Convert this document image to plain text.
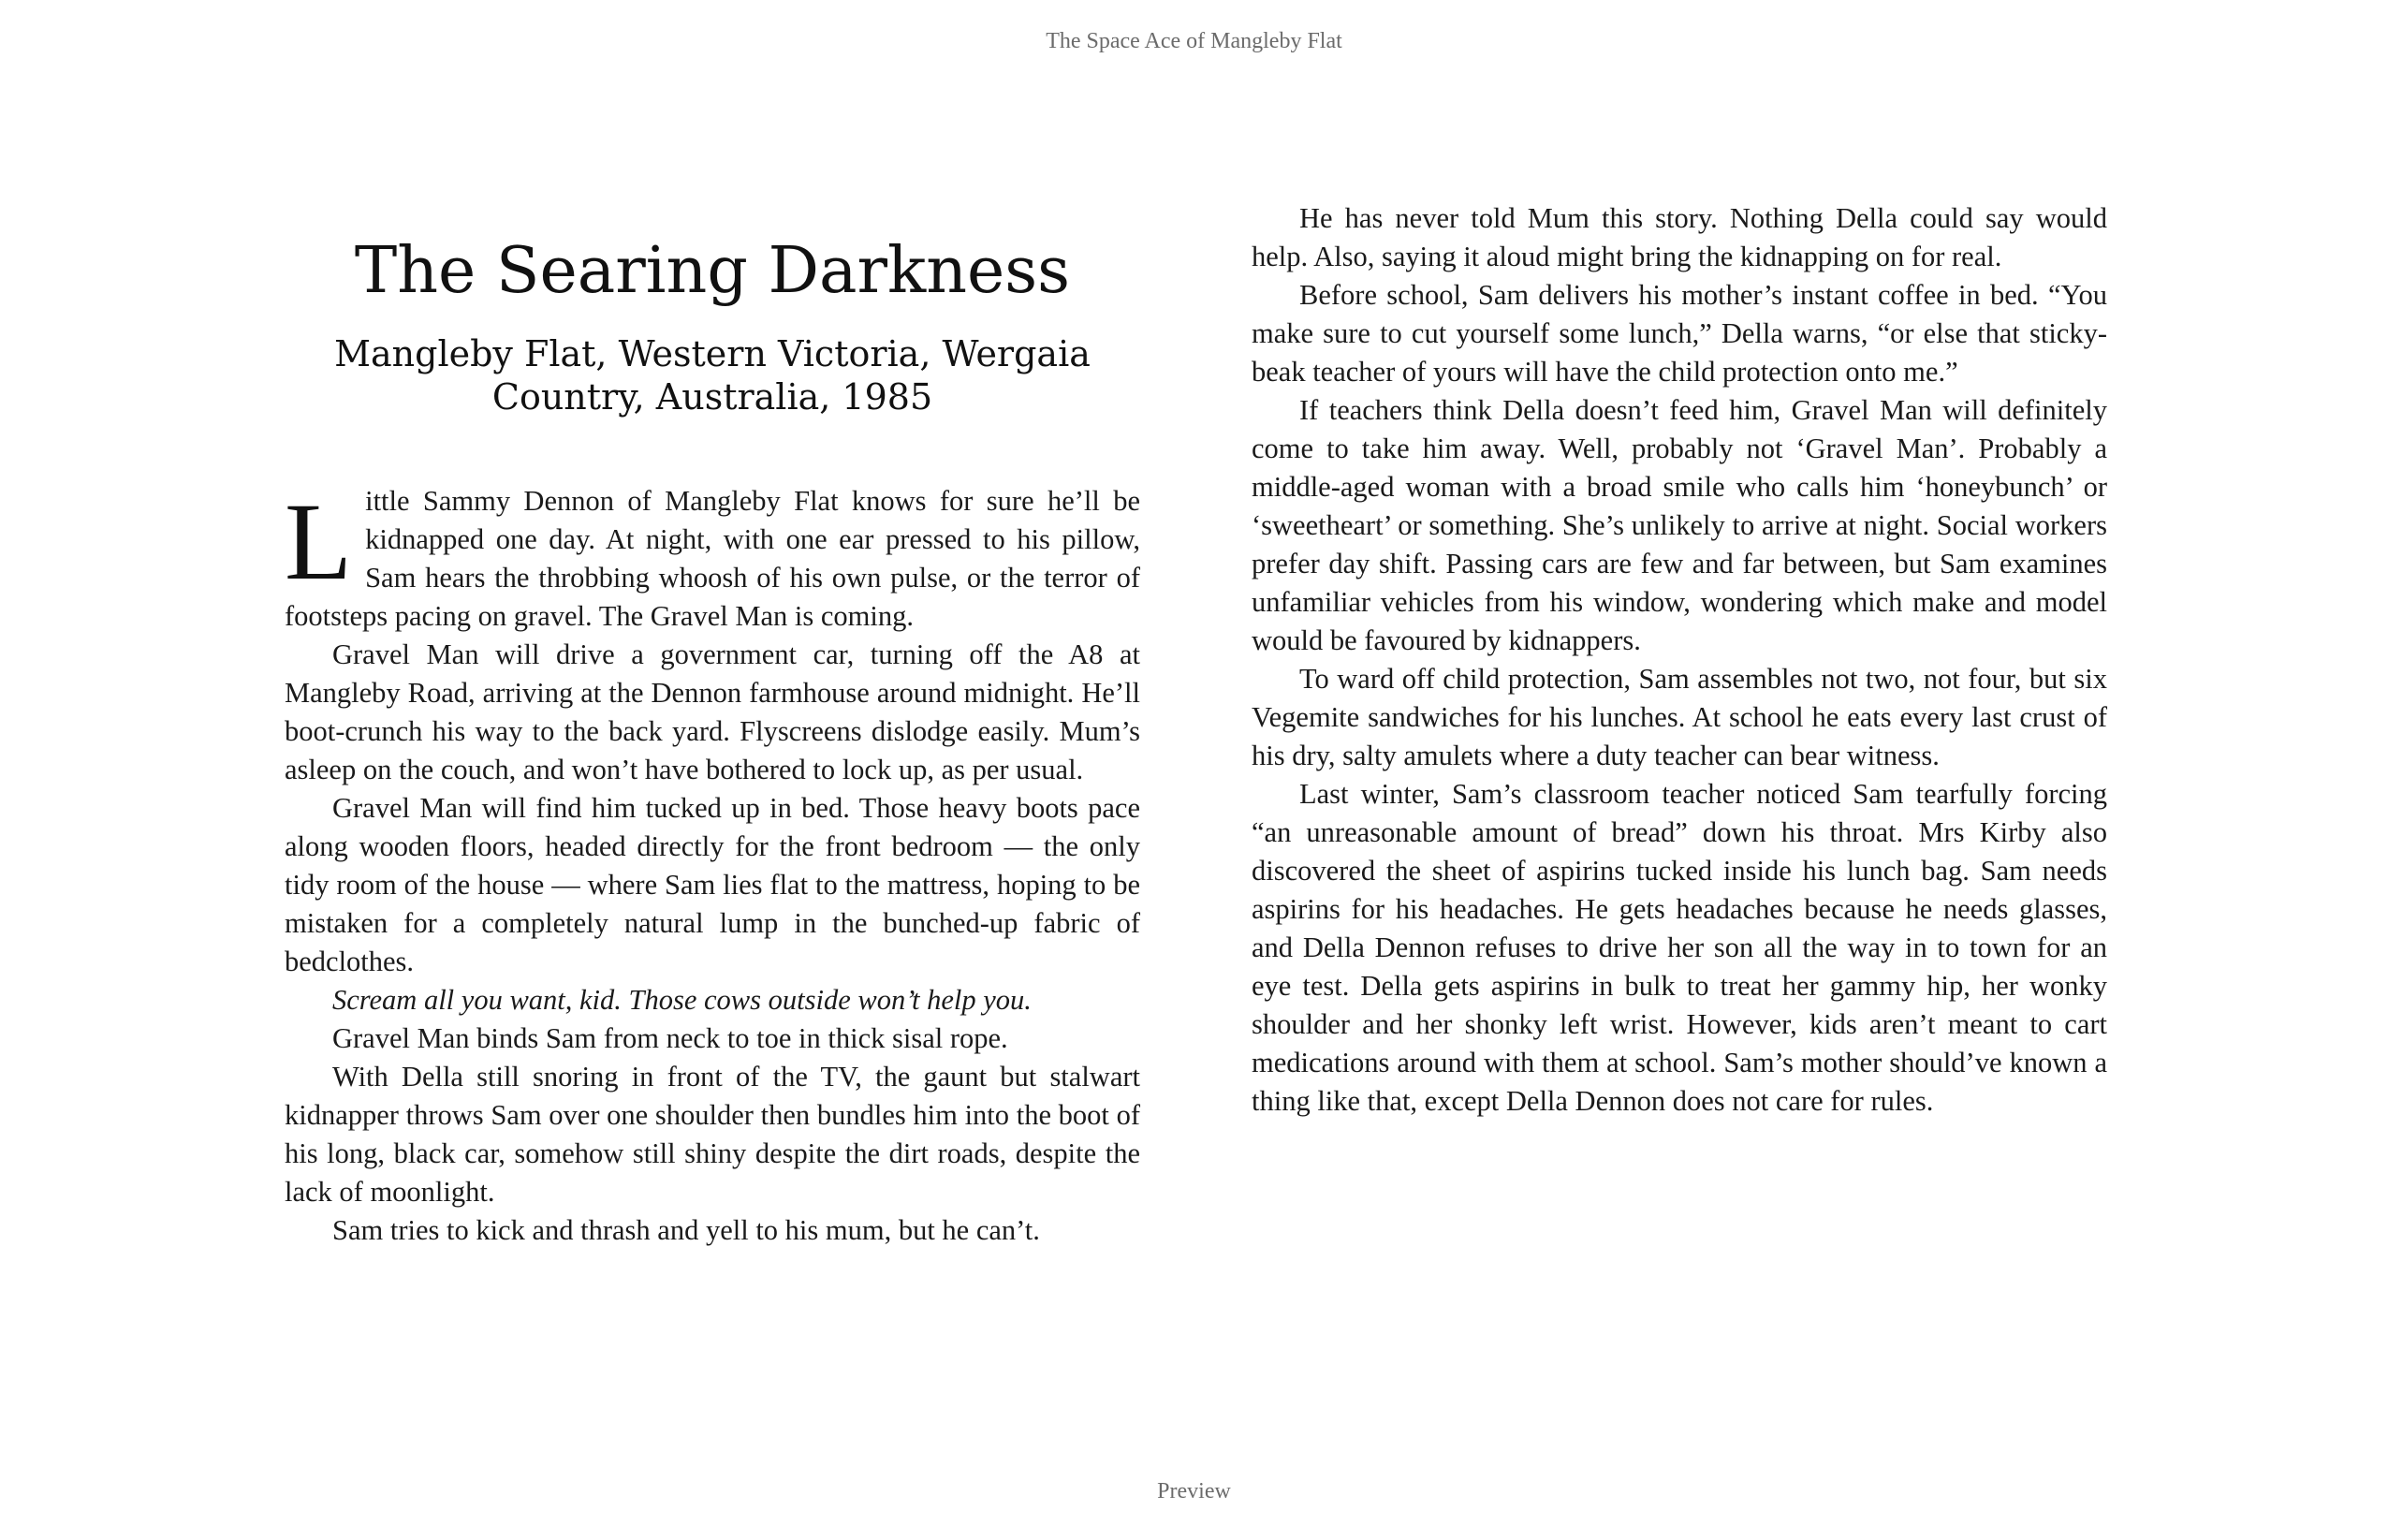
The Space Ace of Mangleby Flat
The Searing Darkness
Mangleby Flat, Western Victoria, Wergaia
Country, Australia, 1985

Little Sammy Dennon of Mangleby Flat knows for sure he’ll be kidnapped one day. At night, with one ear pressed to his pillow, Sam hears the throbbing whoosh of his own pulse, or the terror of footsteps pacing on gravel. The Gravel Man is coming.

Gravel Man will drive a government car, turning off the A8 at Mangleby Road, arriving at the Dennon farmhouse around midnight. He’ll boot-crunch his way to the back yard. Flyscreens dislodge easily. Mum’s asleep on the couch, and won’t have bothered to lock up, as per usual.

Gravel Man will find him tucked up in bed. Those heavy boots pace along wooden floors, headed directly for the front bedroom — the only tidy room of the house — where Sam lies flat to the mattress, hoping to be mistaken for a completely natural lump in the bunched-up fabric of bedclothes.

Scream all you want, kid. Those cows outside won’t help you.

Gravel Man binds Sam from neck to toe in thick sisal rope.

With Della still snoring in front of the TV, the gaunt but stalwart kidnapper throws Sam over one shoulder then bundles him into the boot of his long, black car, somehow still shiny despite the dirt roads, despite the lack of moonlight.

Sam tries to kick and thrash and yell to his mum, but he can’t.

He has never told Mum this story. Nothing Della could say would help. Also, saying it aloud might bring the kidnapping on for real.

Before school, Sam delivers his mother’s instant coffee in bed. “You make sure to cut yourself some lunch,” Della warns, “or else that sticky-beak teacher of yours will have the child protection onto me.”

If teachers think Della doesn’t feed him, Gravel Man will definitely come to take him away. Well, probably not ‘Gravel Man’. Probably a middle-aged woman with a broad smile who calls him ‘honeybunch’ or ‘sweetheart’ or something. She’s unlikely to arrive at night. Social workers prefer day shift. Passing cars are few and far between, but Sam examines unfamiliar vehicles from his window, wondering which make and model would be favoured by kidnappers.

To ward off child protection, Sam assembles not two, not four, but six Vegemite sandwiches for his lunches. At school he eats every last crust of his dry, salty amulets where a duty teacher can bear witness.

Last winter, Sam’s classroom teacher noticed Sam tearfully forcing “an unreasonable amount of bread” down his throat. Mrs Kirby also discovered the sheet of aspirins tucked inside his lunch bag. Sam needs aspirins for his headaches. He gets headaches because he needs glasses, and Della Dennon refuses to drive her son all the way in to town for an eye test. Della gets aspirins in bulk to treat her gammy hip, her wonky shoulder and her shonky left wrist. However, kids aren’t meant to cart medications around with them at school. Sam’s mother should’ve known a thing like that, except Della Dennon does not care for rules.

Preview
